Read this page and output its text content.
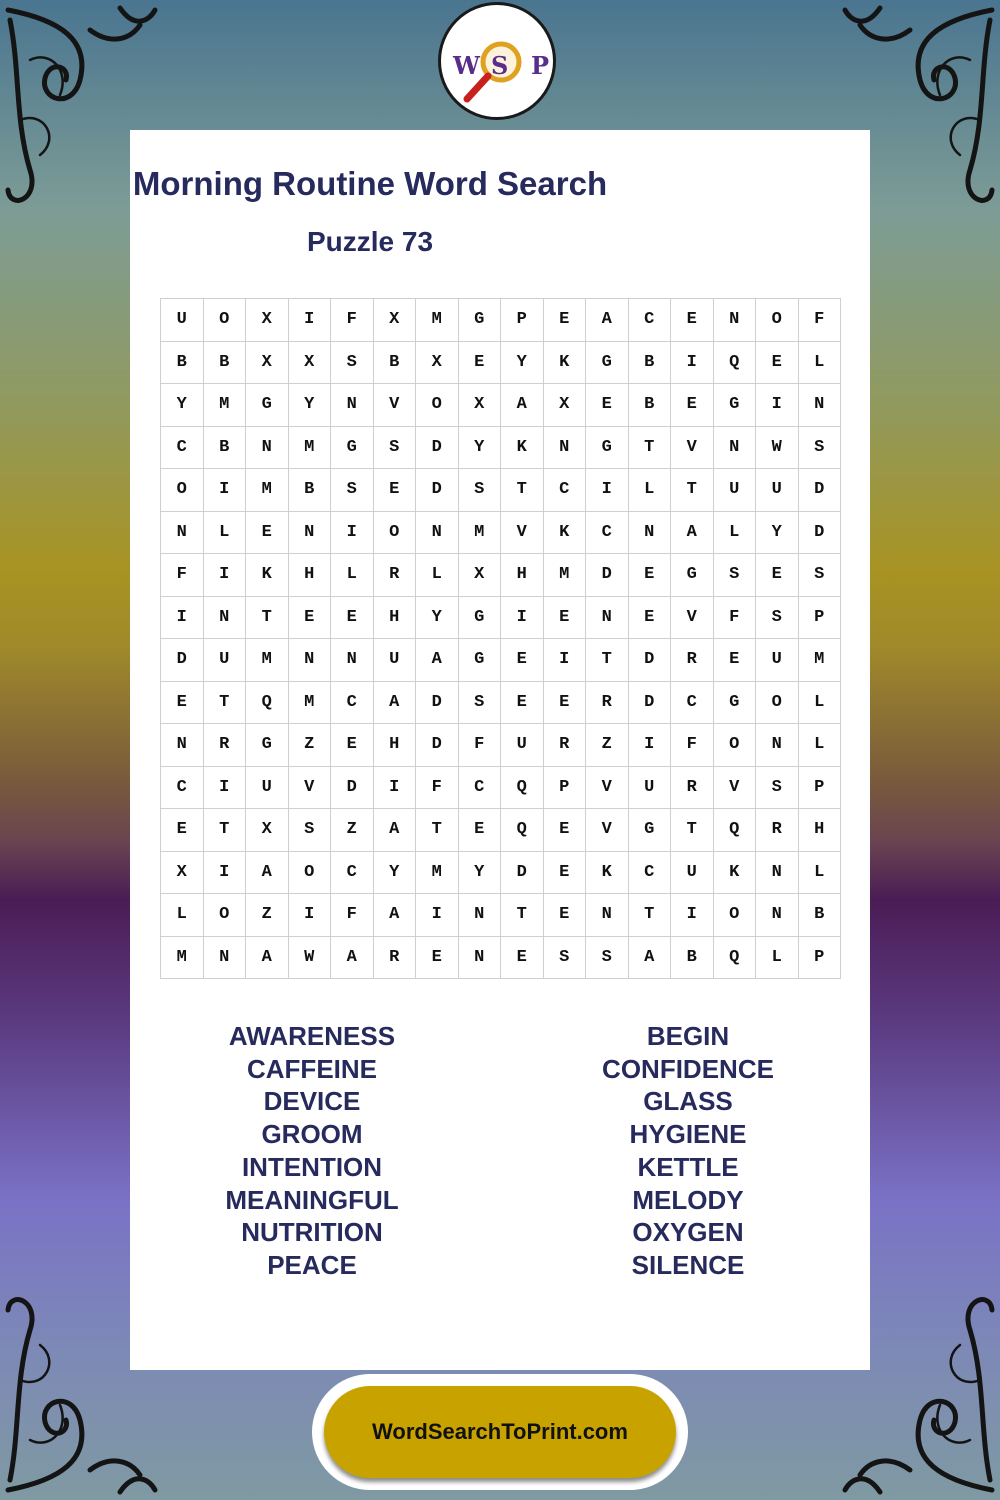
W S P
Morning Routine Word Search
Puzzle 73
U	O	X	I	F	X	M	G	P	E	A	C	E	N	O	F
B	B	X	X	S	B	X	E	Y	K	G	B	I	Q	E	L
Y	M	G	Y	N	V	O	X	A	X	E	B	E	G	I	N
C	B	N	M	G	S	D	Y	K	N	G	T	V	N	W	S
O	I	M	B	S	E	D	S	T	C	I	L	T	U	U	D
N	L	E	N	I	O	N	M	V	K	C	N	A	L	Y	D
F	I	K	H	L	R	L	X	H	M	D	E	G	S	E	S
I	N	T	E	E	H	Y	G	I	E	N	E	V	F	S	P
D	U	M	N	N	U	A	G	E	I	T	D	R	E	U	M
E	T	Q	M	C	A	D	S	E	E	R	D	C	G	O	L
N	R	G	Z	E	H	D	F	U	R	Z	I	F	O	N	L
C	I	U	V	D	I	F	C	Q	P	V	U	R	V	S	P
E	T	X	S	Z	A	T	E	Q	E	V	G	T	Q	R	H
X	I	A	O	C	Y	M	Y	D	E	K	C	U	K	N	L
L	O	Z	I	F	A	I	N	T	E	N	T	I	O	N	B
M	N	A	W	A	R	E	N	E	S	S	A	B	Q	L	P
AWARENESS
CAFFEINE
DEVICE
GROOM
INTENTION
MEANINGFUL
NUTRITION
PEACE
BEGIN
CONFIDENCE
GLASS
HYGIENE
KETTLE
MELODY
OXYGEN
SILENCE
WordSearchToPrint.com
